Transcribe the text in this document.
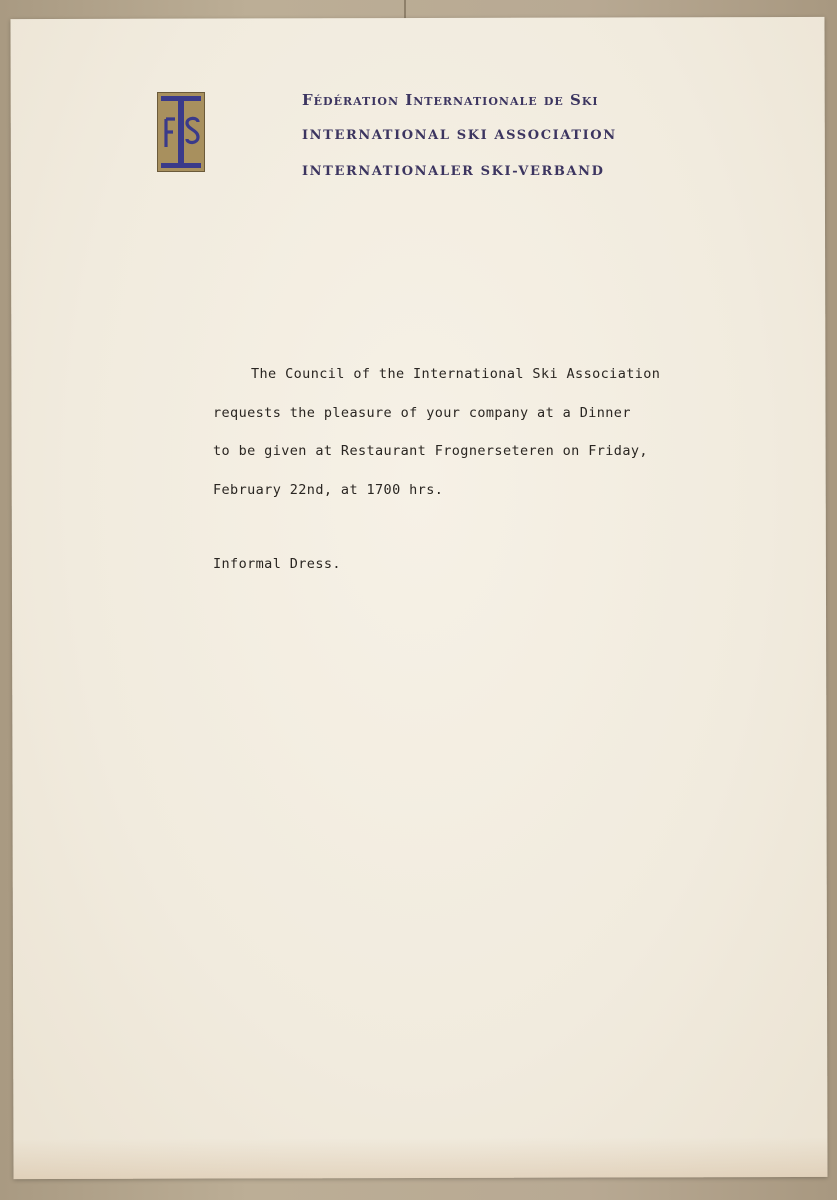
Fédération Internationale de Ski
INTERNATIONAL SKI ASSOCIATION
INTERNATIONALER SKI-VERBAND
The Council of the International Ski Association
requests the pleasure of your company at a Dinner
to be given at Restaurant Frognerseteren on Friday,
February 22nd, at 1700 hrs.
Informal Dress.
